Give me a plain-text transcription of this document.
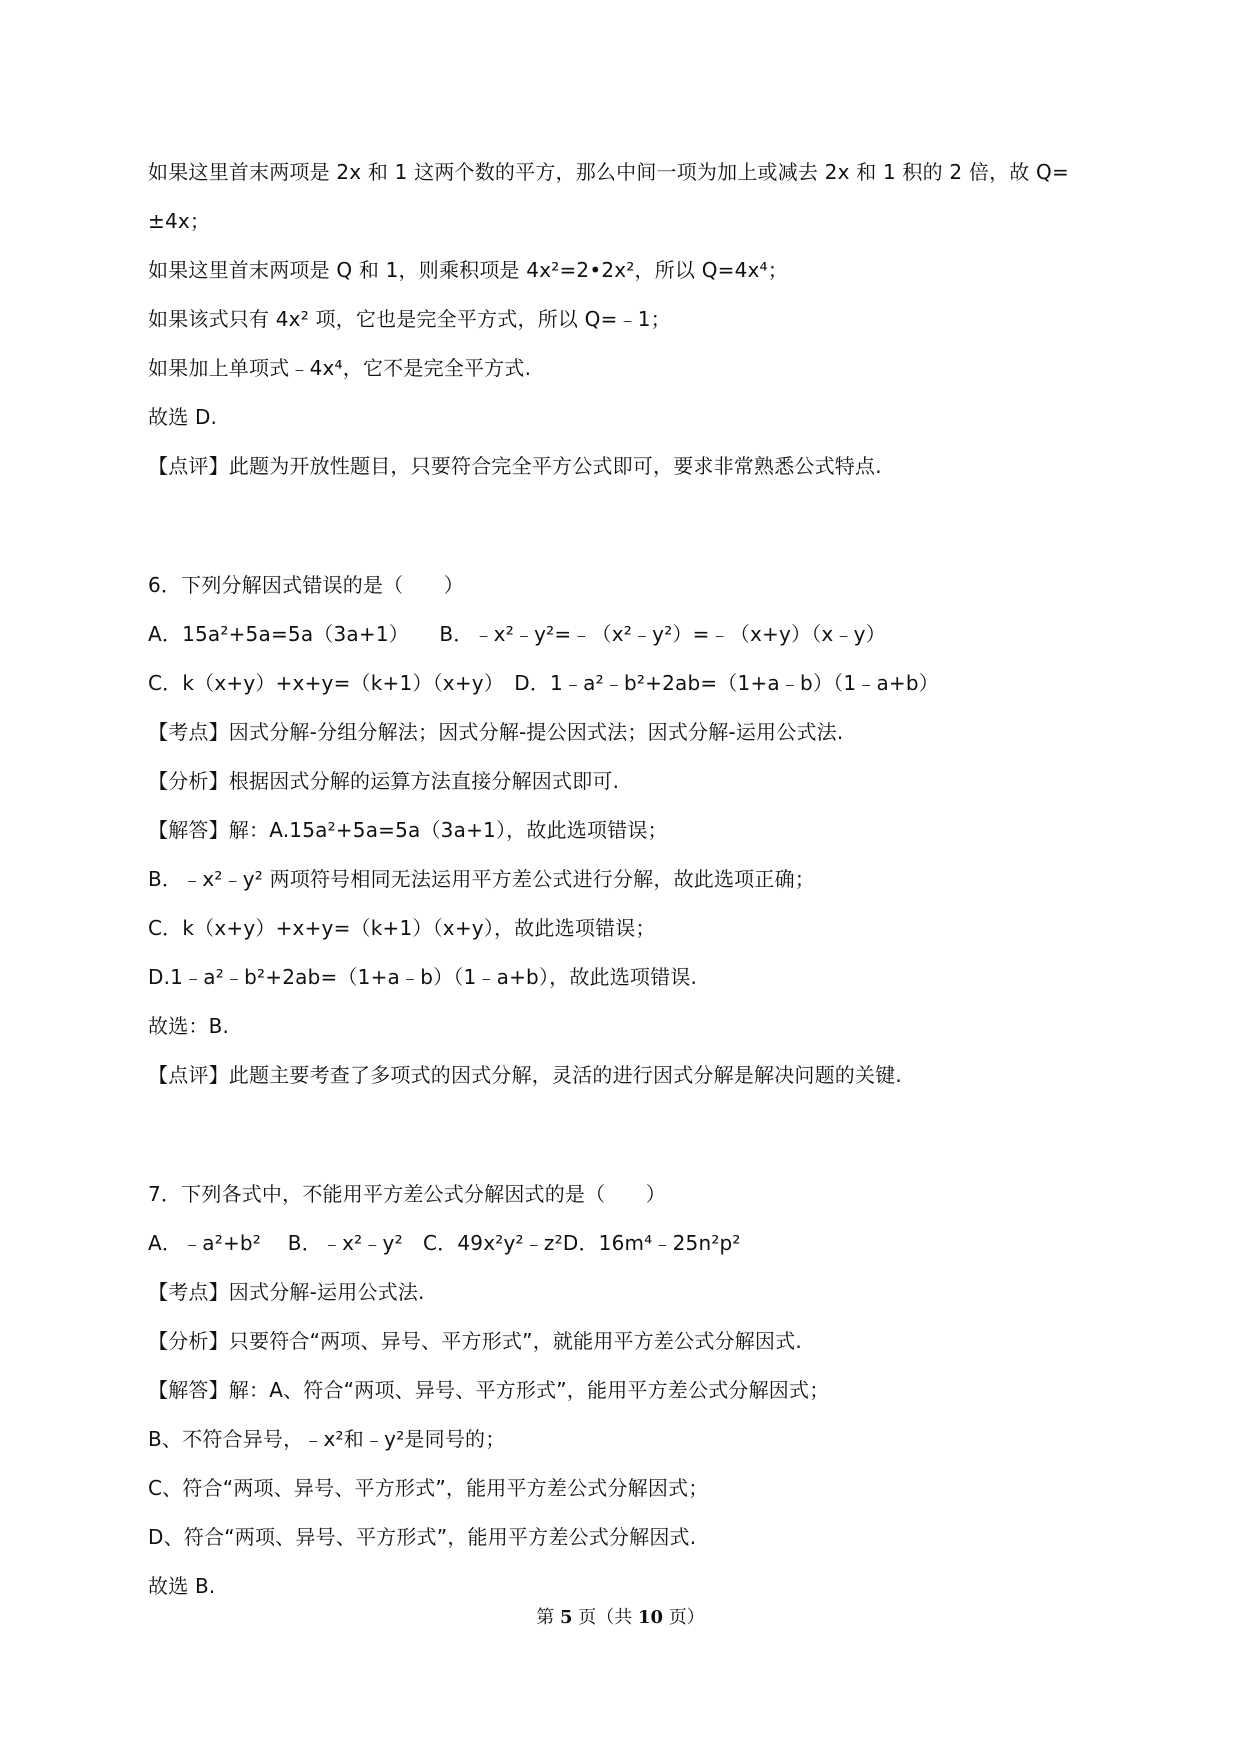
如果这里首末两项是 2x 和 1 这两个数的平方，那么中间一项为加上或减去 2x 和 1 积的 2 倍，故 Q=
±4x；
如果这里首末两项是 Q 和 1，则乘积项是 4x²=2•2x²，所以 Q=4x⁴；
如果该式只有 4x² 项，它也是完全平方式，所以 Q=﹣1；
如果加上单项式﹣4x⁴，它不是完全平方式.
故选 D.
【点评】此题为开放性题目，只要符合完全平方公式即可，要求非常熟悉公式特点.
6．下列分解因式错误的是（　　）
A．15a²+5a=5a（3a+1）　　B．﹣x²﹣y²=﹣（x²﹣y²）=﹣（x+y）（x﹣y）
C．k（x+y）+x+y=（k+1）（x+y）　D．1﹣a²﹣b²+2ab=（1+a﹣b）（1﹣a+b）
【考点】因式分解-分组分解法；因式分解-提公因式法；因式分解-运用公式法.
【分析】根据因式分解的运算方法直接分解因式即可.
【解答】解：A.15a²+5a=5a（3a+1），故此选项错误；
B．﹣x²﹣y² 两项符号相同无法运用平方差公式进行分解，故此选项正确；
C．k（x+y）+x+y=（k+1）（x+y），故此选项错误；
D.1﹣a²﹣b²+2ab=（1+a﹣b）（1﹣a+b），故此选项错误.
故选：B.
【点评】此题主要考查了多项式的因式分解，灵活的进行因式分解是解决问题的关键.
7．下列各式中，不能用平方差公式分解因式的是（　　）
A．﹣a²+b²　 B．﹣x²﹣y²　C．49x²y²﹣z²D．16m⁴﹣25n²p²
【考点】因式分解-运用公式法.
【分析】只要符合“两项、异号、平方形式”，就能用平方差公式分解因式.
【解答】解：A、符合“两项、异号、平方形式”，能用平方差公式分解因式；
B、不符合异号，﹣x²和﹣y²是同号的；
C、符合“两项、异号、平方形式”，能用平方差公式分解因式；
D、符合“两项、异号、平方形式”，能用平方差公式分解因式.
故选 B.
第 5 页（共 10 页）
